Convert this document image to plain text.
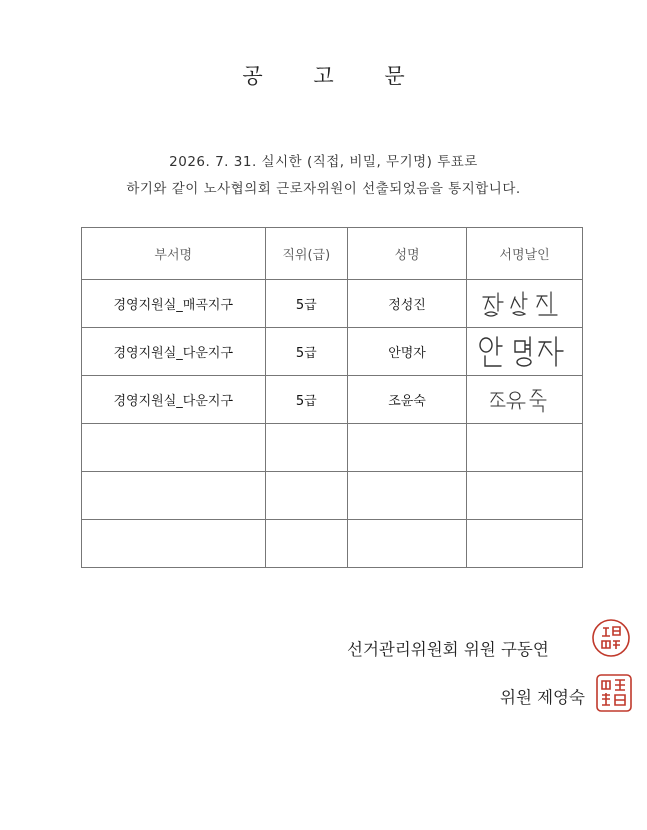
공 고 문
2026. 7. 31. 실시한 (직접, 비밀, 무기명) 투표로
하기와 같이 노사협의회 근로자위원이 선출되었음을 통지합니다.
부서명	직위(급)	성명	서명날인
경영지원실_매곡지구	5급	정성진	

경영지원실_다운지구	5급	안명자	

경영지원실_다운지구	5급	조윤숙	

선거관리위원회 위원 구동연
위원 제영숙
